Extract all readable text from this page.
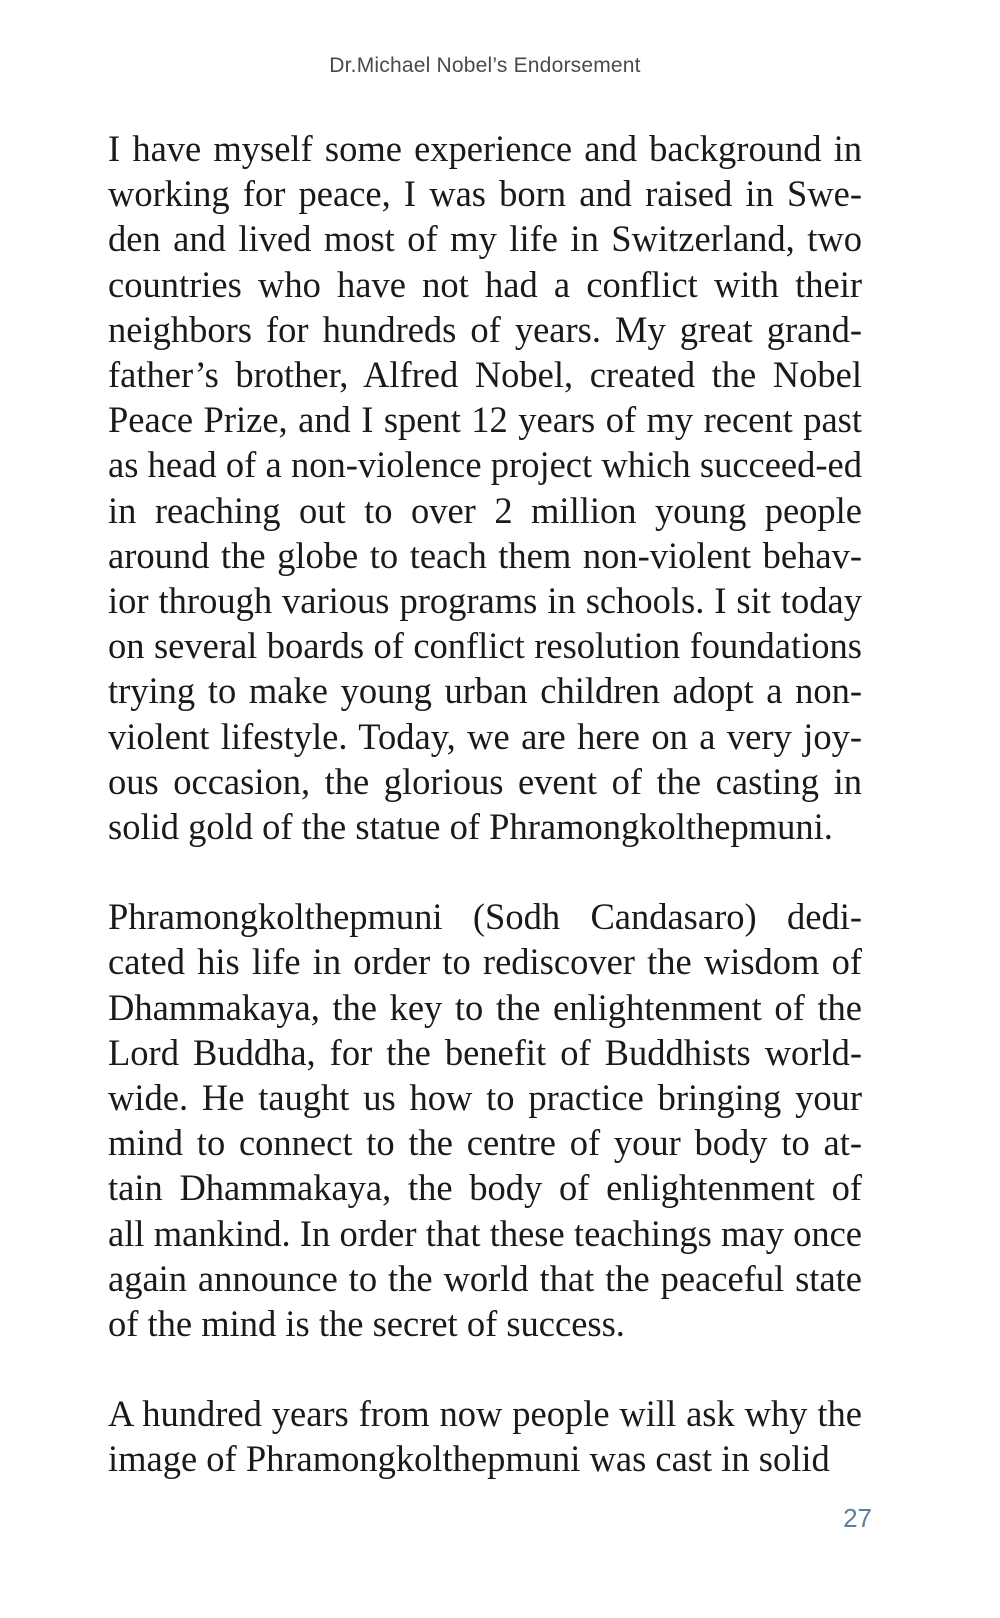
Dr.Michael Nobel’s Endorsement

I have myself some experience and background in working for peace, I was born and raised in Swe-den and lived most of my life in Switzerland, two countries who have not had a conflict with their neighbors for hundreds of years. My great grand-father’s brother, Alfred Nobel, created the Nobel Peace Prize, and I spent 12 years of my recent past as head of a non-violence project which succeed-ed in reaching out to over 2 million young people around the globe to teach them non-violent behav-ior through various programs in schools. I sit today on several boards of conflict resolution foundations trying to make young urban children adopt a non-violent lifestyle. Today, we are here on a very joy-ous occasion, the glorious event of the casting in solid gold of the statue of Phramongkolthepmuni.

Phramongkolthepmuni (Sodh Candasaro) dedi-cated his life in order to rediscover the wisdom of Dhammakaya, the key to the enlightenment of the Lord Buddha, for the benefit of Buddhists world-wide. He taught us how to practice bringing your mind to connect to the centre of your body to at-tain Dhammakaya, the body of enlightenment of all mankind. In order that these teachings may once again announce to the world that the peaceful state of the mind is the secret of success.

A hundred years from now people will ask why the image of Phramongkolthepmuni was cast in solid

27
